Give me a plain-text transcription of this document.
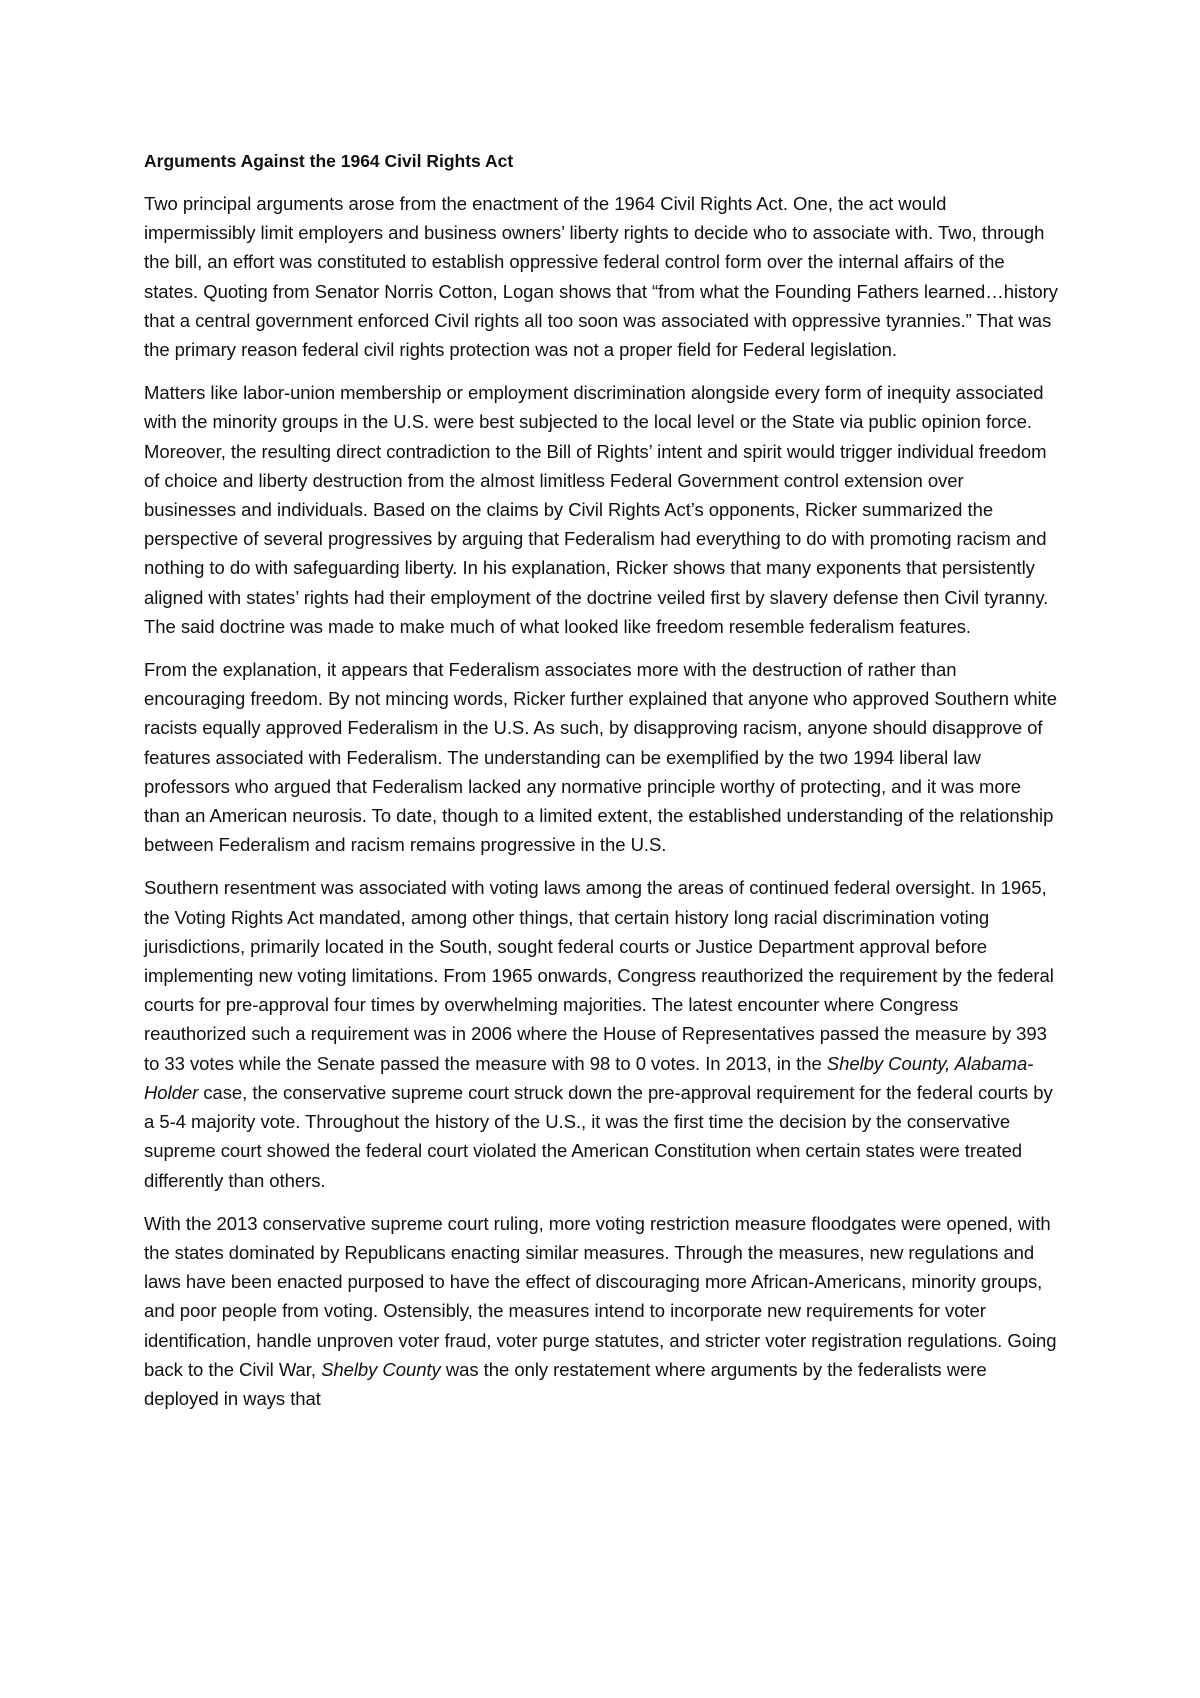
Arguments Against the 1964 Civil Rights Act

Two principal arguments arose from the enactment of the 1964 Civil Rights Act. One, the act would impermissibly limit employers and business owners’ liberty rights to decide who to associate with. Two, through the bill, an effort was constituted to establish oppressive federal control form over the internal affairs of the states. Quoting from Senator Norris Cotton, Logan shows that “from what the Founding Fathers learned…history that a central government enforced Civil rights all too soon was associated with oppressive tyrannies.” That was the primary reason federal civil rights protection was not a proper field for Federal legislation.

Matters like labor-union membership or employment discrimination alongside every form of inequity associated with the minority groups in the U.S. were best subjected to the local level or the State via public opinion force. Moreover, the resulting direct contradiction to the Bill of Rights’ intent and spirit would trigger individual freedom of choice and liberty destruction from the almost limitless Federal Government control extension over businesses and individuals. Based on the claims by Civil Rights Act’s opponents, Ricker summarized the perspective of several progressives by arguing that Federalism had everything to do with promoting racism and nothing to do with safeguarding liberty. In his explanation, Ricker shows that many exponents that persistently aligned with states’ rights had their employment of the doctrine veiled first by slavery defense then Civil tyranny. The said doctrine was made to make much of what looked like freedom resemble federalism features.

From the explanation, it appears that Federalism associates more with the destruction of rather than encouraging freedom. By not mincing words, Ricker further explained that anyone who approved Southern white racists equally approved Federalism in the U.S. As such, by disapproving racism, anyone should disapprove of features associated with Federalism. The understanding can be exemplified by the two 1994 liberal law professors who argued that Federalism lacked any normative principle worthy of protecting, and it was more than an American neurosis. To date, though to a limited extent, the established understanding of the relationship between Federalism and racism remains progressive in the U.S.

Southern resentment was associated with voting laws among the areas of continued federal oversight. In 1965, the Voting Rights Act mandated, among other things, that certain history long racial discrimination voting jurisdictions, primarily located in the South, sought federal courts or Justice Department approval before implementing new voting limitations. From 1965 onwards, Congress reauthorized the requirement by the federal courts for pre-approval four times by overwhelming majorities. The latest encounter where Congress reauthorized such a requirement was in 2006 where the House of Representatives passed the measure by 393 to 33 votes while the Senate passed the measure with 98 to 0 votes. In 2013, in the Shelby County, Alabama-Holder case, the conservative supreme court struck down the pre-approval requirement for the federal courts by a 5-4 majority vote. Throughout the history of the U.S., it was the first time the decision by the conservative supreme court showed the federal court violated the American Constitution when certain states were treated differently than others.

With the 2013 conservative supreme court ruling, more voting restriction measure floodgates were opened, with the states dominated by Republicans enacting similar measures. Through the measures, new regulations and laws have been enacted purposed to have the effect of discouraging more African-Americans, minority groups, and poor people from voting. Ostensibly, the measures intend to incorporate new requirements for voter identification, handle unproven voter fraud, voter purge statutes, and stricter voter registration regulations. Going back to the Civil War, Shelby County was the only restatement where arguments by the federalists were deployed in ways that
